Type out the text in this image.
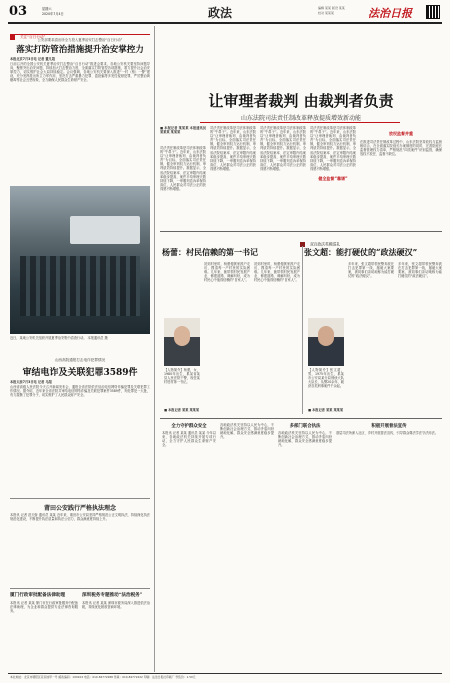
03	星期六
2020年7月4日	政法	编辑 某某 版设 某某
校对 某某某	法治日报
关注“百日行动”
公安部要求清出所全力投入夏季治安打击整治“百日行动”
落实打防管治措施提升治安掌控力
本报北京7月3日电 记者 董凡超
日前召开的全国公安机关夏季治安打击整治“百日行动”推进会要求，各地公安机关要坚持问题导向，聚焦突出治安问题，持续加大打击整治力度，全面落实打防管控各项措施，着力提升社会治安掌控力，切实维护社会大局持续稳定。会议强调，各地公安机关要深入推进“一村（格）一警”建设，充分发挥派出所主力军作用，坚决打击严重暴力犯罪、盗抢骗等多发性侵财犯罪，严厉整治黄赌毒等社会丑恶现象，全力确保人民群众生命财产安全。
近日，某地公安机关组织开展夏季治安集中清查行动。 本报通讯员 摄
山西高院通报打击电诈犯罪情况
审结电诈及关联犯罪3589件
本报太原7月3日电 记者 马超
山西省高级人民法院今天召开新闻发布会，通报全省法院依法惩治电信网络诈骗犯罪及关联犯罪工作情况。据介绍，近年来全省法院共审结电信网络诈骗及关联犯罪案件3589件，判处罪犯一大批，有力震慑了犯罪分子，切实维护了人民群众财产安全。
莆田公安践行严格执法理念
本报讯 记者 范天娇 通讯员 某某 近年来，莆田市公安局坚持严格规范公正文明执法，持续深化执法规范化建设，不断提升执法质量和执法公信力，群众满意度持续上升。
厦门行政审批配备法律助理
本报讯 记者 某某 厦门市在行政审批服务中配备法律助理，为企业和群众提供专业法律咨询服务。
深圳税务专题推动“法治税务”
本报讯 记者 某某 深圳市税务局深入推进依法治税，持续优化税收营商环境。
让审理者裁判 由裁判者负责
山东法院司法责任制改革释放提质增效新动能
■ 本报记者 某某某 本报通讯员 某某某 某某某
司法责任制改革是司法体制改革的“牛鼻子”。近年来，山东法院以“让审理者裁判、由裁判者负责”为目标，全面落实司法责任制，健全审判权力运行机制，审判质效持续提升。数据显示，全省法院结案率、法定审限内结案率稳步提高，案件平均审理天数持续下降，一审服判息诉率保持高位，人民群众对司法公正的获得感不断增强。
司法责任制改革是司法体制改革的“牛鼻子”。近年来，山东法院以“让审理者裁判、由裁判者负责”为目标，全面落实司法责任制，健全审判权力运行机制，审判质效持续提升。数据显示，全省法院结案率、法定审限内结案率稳步提高，案件平均审理天数持续下降，一审服判息诉率保持高位，人民群众对司法公正的获得感不断增强。
司法责任制改革是司法体制改革的“牛鼻子”。近年来，山东法院以“让审理者裁判、由裁判者负责”为目标，全面落实司法责任制，健全审判权力运行机制，审判质效持续提升。数据显示，全省法院结案率、法定审限内结案率稳步提高，案件平均审理天数持续下降，一审服判息诉率保持高位，人民群众对司法公正的获得感不断增强。
司法责任制改革是司法体制改革的“牛鼻子”。近年来，山东法院以“让审理者裁判、由裁判者负责”为目标，全面落实司法责任制，健全审判权力运行机制，审判质效持续提升。数据显示，全省法院结案率、法定审限内结案率稳步提高，案件平均审理天数持续下降，一审服判息诉率保持高位，人民群众对司法公正的获得感不断增强。
健全监督“靠谱”
在推进司法责任制改革过程中，山东法院坚持放权与监督相结合，在全面落实院庭长办案制度的同时，完善院庭长监督管理权力清单，严格规范“四类案件”识别监管，确保放权不放任、监督不缺位。
放权监督并重
双百政法英模巡礼
杨蕾：村民信赖的第一书记
【人物简介】杨蕾，女，1980年出生，系某省某县人民法院干警，现任某村驻村第一书记。
■ 本报记者 某某 某某某
初到村里时，杨蕾便挨家挨户走访，摸清每一户村民的实际困难。几年来，她带领村民发展产业、修建道路、调解纠纷，成为村民心中值得信赖的“自家人”。
初到村里时，杨蕾便挨家挨户走访，摸清每一户村民的实际困难。几年来，她带领村民发展产业、修建道路、调解纠纷，成为村民心中值得信赖的“自家人”。
张文超：能打硬仗的“政法硬汉”
【人物简介】张文超，男，1975年出生，系某市公安局某分局刑侦大队大队长，从警20余年，破获各类刑事案件千余起。
■ 本报记者 某某 某某某
多年来，张文超带领民警奔波在打击犯罪第一线，屡破大案要案，被同事们亲切地称为能打硬仗的“政法硬汉”。
多年来，张文超带领民警奔波在打击犯罪第一线，屡破大案要案，被同事们亲切地称为能打硬仗的“政法硬汉”。
全力守护群众安全
本报讯 记者 某某 通讯员 某某 今年以来，各地政法机关持续开展专项行动，全力守护人民群众生命财产安全。
各地政法机关坚持以人民为中心，不断创新社会治理方式，推动矛盾纠纷就地化解，群众安全感满意度稳步提升。
多部门联合执法
各地政法机关坚持以人民为中心，不断创新社会治理方式，推动矛盾纠纷就地化解，群众安全感满意度稳步提升。
积极开展普法宣传
基层司法所深入社区、乡村开展普法宣传，引导群众尊法学法守法用法。
本社地址：北京市朝阳区花家地甲一号 邮政编码：100102 电话：010-84772288 传真：010-84772222 印刷：法治日报社印刷厂 零售价：1.50元
